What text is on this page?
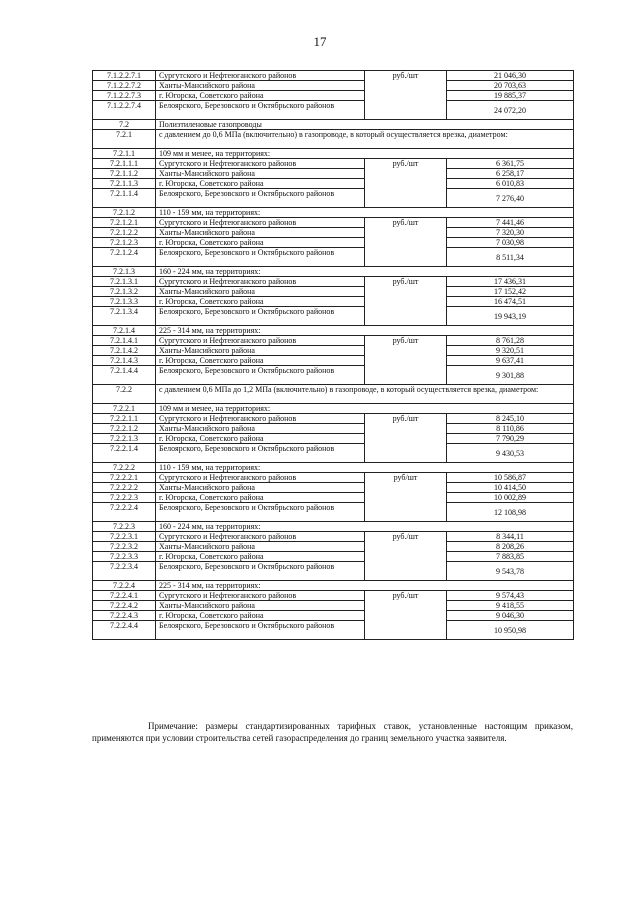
17
7.1.2.2.7.1	Сургутского и Нефтеюганского районов	руб./шт	21 046,30
7.1.2.2.7.2	Ханты-Мансийского района		20 703,63
7.1.2.2.7.3	г. Югорска, Советского района		19 885,37
7.1.2.2.7.4	Белоярского, Березовского и Октябрьского районов		24 072,20
7.2	Полиэтиленовые газопроводы		
7.2.1	с давлением до 0,6 МПа (включительно) в газопроводе, в который осуществляется врезка, диаметром:		
7.2.1.1	109 мм и менее, на территориях:		
7.2.1.1.1	Сургутского и Нефтеюганского районов	руб./шт	6 361,75
7.2.1.1.2	Ханты-Мансийского района		6 258,17
7.2.1.1.3	г. Югорска, Советского района		6 010,83
7.2.1.1.4	Белоярского, Березовского и Октябрьского районов		7 276,40
7.2.1.2	110 - 159 мм, на территориях:		
7.2.1.2.1	Сургутского и Нефтеюганского районов	руб./шт	7 441,46
7.2.1.2.2	Ханты-Мансийского района		7 320,30
7.2.1.2.3	г. Югорска, Советского района		7 030,98
7.2.1.2.4	Белоярского, Березовского и Октябрьского районов		8 511,34
7.2.1.3	160 - 224 мм, на территориях:		
7.2.1.3.1	Сургутского и Нефтеюганского районов	руб./шт	17 436,31
7.2.1.3.2	Ханты-Мансийского района		17 152,42
7.2.1.3.3	г. Югорска, Советского района		16 474,51
7.2.1.3.4	Белоярского, Березовского и Октябрьского районов		19 943,19
7.2.1.4	225 - 314 мм, на территориях:		
7.2.1.4.1	Сургутского и Нефтеюганского районов	руб./шт	8 761,28
7.2.1.4.2	Ханты-Мансийского района		9 320,51
7.2.1.4.3	г. Югорска, Советского района		9 637,41
7.2.1.4.4	Белоярского, Березовского и Октябрьского районов		9 301,88
7.2.2	с давлением 0,6 МПа до 1,2 МПа (включительно) в газопроводе, в который осуществляется врезка, диаметром:		
7.2.2.1	109 мм и менее, на территориях:		
7.2.2.1.1	Сургутского и Нефтеюганского районов	руб./шт	8 245,10
7.2.2.1.2	Ханты-Мансийского района		8 110,86
7.2.2.1.3	г. Югорска, Советского района		7 790,29
7.2.2.1.4	Белоярского, Березовского и Октябрьского районов		9 430,53
7.2.2.2	110 - 159 мм, на территориях:		
7.2.2.2.1	Сургутского и Нефтеюганского районов	руб/шт	10 586,87
7.2.2.2.2	Ханты-Мансийского района		10 414,50
7.2.2.2.3	г. Югорска, Советского района		10 002,89
7.2.2.2.4	Белоярского, Березовского и Октябрьского районов		12 108,98
7.2.2.3	160 - 224 мм, на территориях:		
7.2.2.3.1	Сургутского и Нефтеюганского районов	руб./шт	8 344,11
7.2.2.3.2	Ханты-Мансийского района		8 208,26
7.2.2.3.3	г. Югорска, Советского района		7 883,85
7.2.2.3.4	Белоярского, Березовского и Октябрьского районов		9 543,78
7.2.2.4	225 - 314 мм, на территориях:		
7.2.2.4.1	Сургутского и Нефтеюганского районов	руб./шт	9 574,43
7.2.2.4.2	Ханты-Мансийского района		9 418,55
7.2.2.4.3	г. Югорска, Советского района		9 046,30
7.2.2.4.4	Белоярского, Березовского и Октябрьского районов		10 950,98
Примечание: размеры стандартизированных тарифных ставок, установленные настоящим приказом, применяются при условии строительства сетей газораспределения до границ земельного участка заявителя.
